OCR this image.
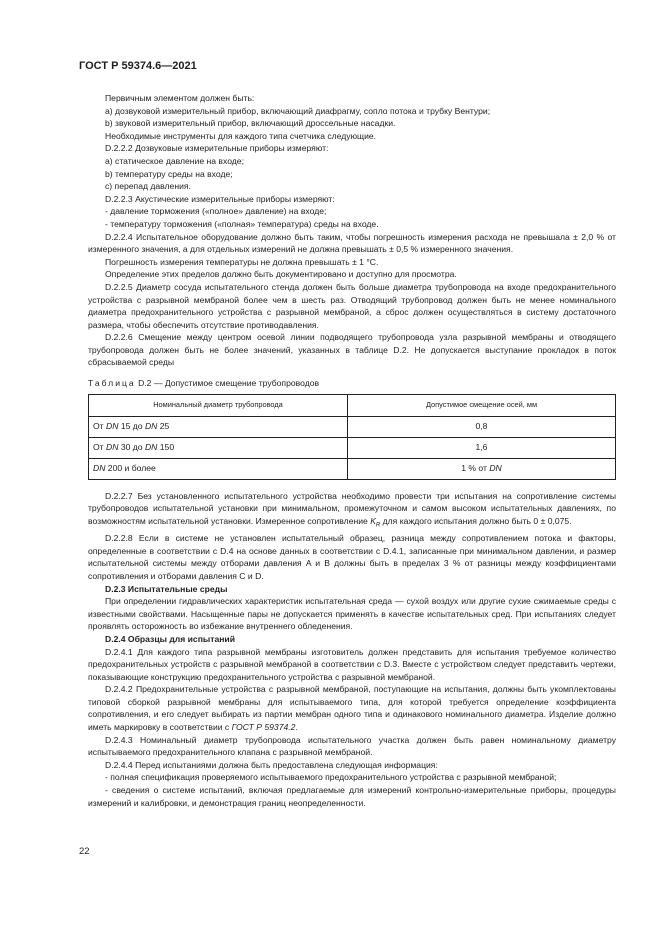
ГОСТ Р 59374.6—2021

Первичным элементом должен быть:

a) дозвуковой измерительный прибор, включающий диафрагму, сопло потока и трубку Вентури;

b) звуковой измерительный прибор, включающий дроссельные насадки.

Необходимые инструменты для каждого типа счетчика следующие.

D.2.2.2 Дозвуковые измерительные приборы измеряют:

a) статическое давление на входе;

b) температуру среды на входе;

c) перепад давления.

D.2.2.3 Акустические измерительные приборы измеряют:

- давление торможения («полное» давление) на входе;

- температуру торможения («полная» температура) среды на входе.

D.2.2.4 Испытательное оборудование должно быть таким, чтобы погрешность измерения расхода не превышала ± 2,0 % от измеренного значения, а для отдельных измерений не должна превышать ± 0,5 % измеренного значения.

Погрешность измерения температуры не должна превышать ± 1 °С.

Определение этих пределов должно быть документировано и доступно для просмотра.

D.2.2.5 Диаметр сосуда испытательного стенда должен быть больше диаметра трубопровода на входе предохранительного устройства с разрывной мембраной более чем в шесть раз. Отводящий трубопровод должен быть не менее номинального диаметра предохранительного устройства с разрывной мембраной, а сброс должен осуществляться в систему достаточного размера, чтобы обеспечить отсутствие противодавления.

D.2.2.6 Смещение между центром осевой линии подводящего трубопровода узла разрывной мембраны и отводящего трубопровода должен быть не более значений, указанных в таблице D.2. Не допускается выступание прокладок в поток сбрасываемой среды

Таблица D.2 — Допустимое смещение трубопроводов

Номинальный диаметр трубопровода	Допустимое смещение осей, мм
От DN 15 до DN 25	0,8
От DN 30 до DN 150	1,6
DN 200 и более	1 % от DN

D.2.2.7 Без установленного испытательного устройства необходимо провести три испытания на сопротивление системы трубопроводов испытательной установки при минимальном, промежуточном и самом высоком испытательных давлениях, по возможностям испытательной установки. Измеренное сопротивление $K_R$ для каждого испытания должно быть 0 ± 0,075.

D.2.2.8 Если в системе не установлен испытательный образец, разница между сопротивлением потока и факторы, определенные в соответствии с D.4 на основе данных в соответствии с D.4.1, записанные при минимальном давлении, и размер испытательной системы между отборами давления A и B должны быть в пределах 3 % от разницы между коэффициентами сопротивления и отборами давления C и D.

D.2.3 Испытательные среды

При определении гидравлических характеристик испытательная среда — сухой воздух или другие сухие сжимаемые среды с известными свойствами. Насыщенные пары не допускается применять в качестве испытательных сред. При испытаниях следует проявлять осторожность во избежание внутреннего обледенения.

D.2.4 Образцы для испытаний

D.2.4.1 Для каждого типа разрывной мембраны изготовитель должен представить для испытания требуемое количество предохранительных устройств с разрывной мембраной в соответствии с D.3. Вместе с устройством следует представить чертежи, показывающие конструкцию предохранительного устройства с разрывной мембраной.

D.2.4.2 Предохранительные устройства с разрывной мембраной, поступающие на испытания, должны быть укомплектованы типовой сборкой разрывной мембраны для испытываемого типа, для которой требуется определение коэффициента сопротивления, и его следует выбирать из партии мембран одного типа и одинакового номинального диаметра. Изделие должно иметь маркировку в соответствии с ГОСТ Р 59374.2.

D.2.4.3 Номинальный диаметр трубопровода испытательного участка должен быть равен номинальному диаметру испытываемого предохранительного клапана с разрывной мембраной.

D.2.4.4 Перед испытаниями должна быть предоставлена следующая информация:

- полная спецификация проверяемого испытываемого предохранительного устройства с разрывной мембраной;

- сведения о системе испытаний, включая предлагаемые для измерений контрольно-измерительные приборы, процедуры измерений и калибровки, и демонстрация границ неопределенности.

22
